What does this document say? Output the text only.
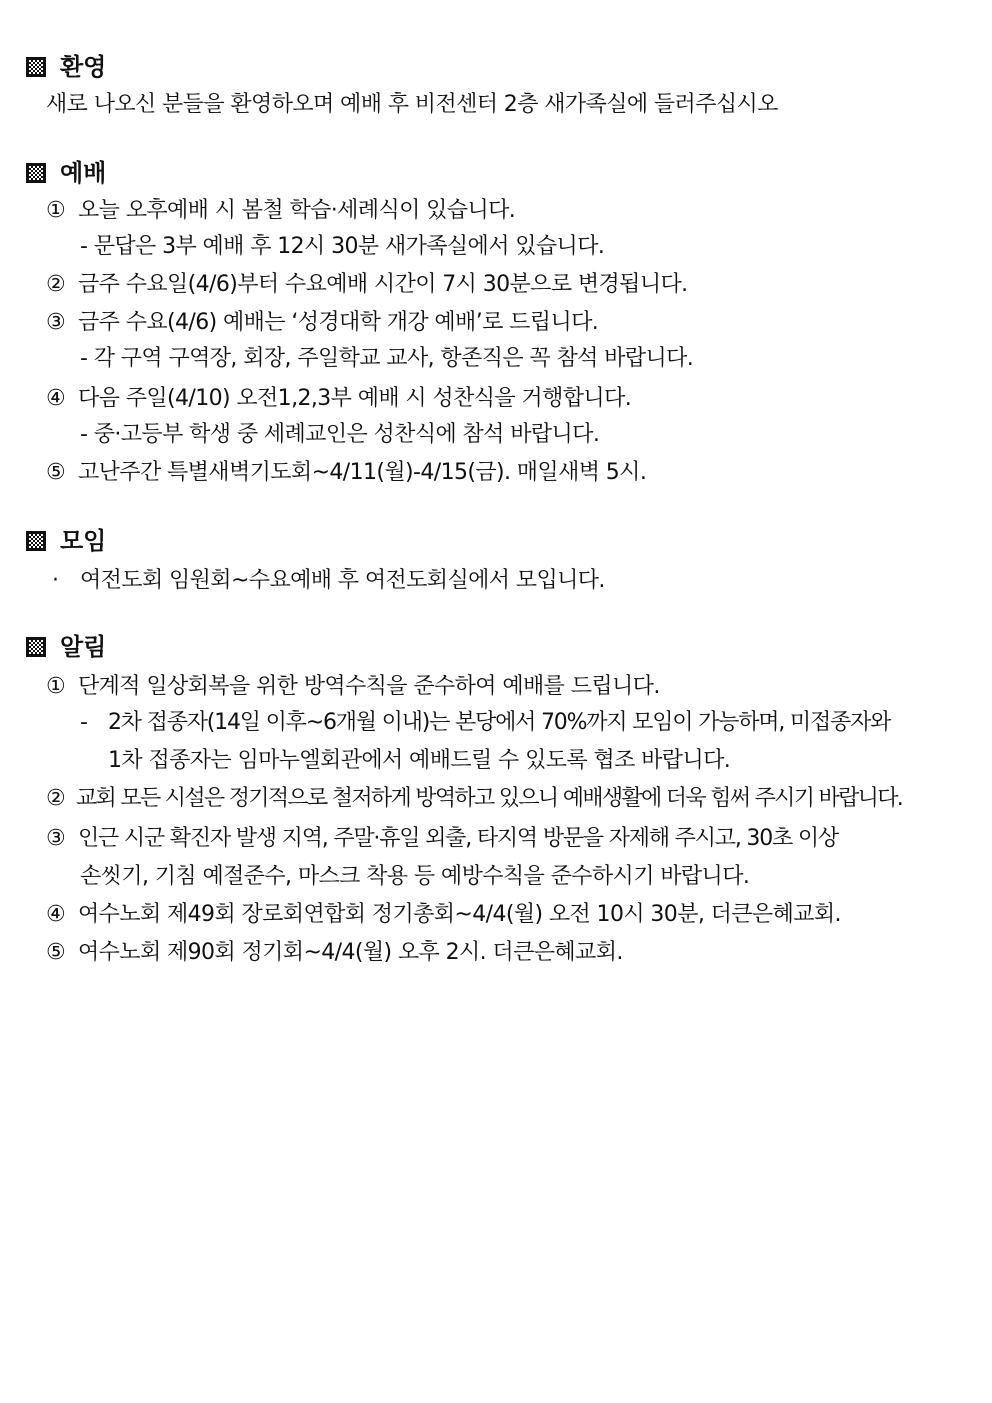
환영
새로 나오신 분들을 환영하오며 예배 후 비전센터 2층 새가족실에 들러주십시오
예배
① 오늘 오후예배 시 봄철 학습·세례식이 있습니다.
- 문답은 3부 예배 후 12시 30분 새가족실에서 있습니다.
② 금주 수요일(4/6)부터 수요예배 시간이 7시 30분으로 변경됩니다.
③ 금주 수요(4/6) 예배는 ‘성경대학 개강 예배’로 드립니다.
- 각 구역 구역장, 회장, 주일학교 교사, 항존직은 꼭 참석 바랍니다.
④ 다음 주일(4/10) 오전1,2,3부 예배 시 성찬식을 거행합니다.
- 중·고등부 학생 중 세례교인은 성찬식에 참석 바랍니다.
⑤ 고난주간 특별새벽기도회~4/11(월)-4/15(금). 매일새벽 5시.
모임
· 여전도회 임원회~수요예배 후 여전도회실에서 모입니다.
알림
① 단계적 일상회복을 위한 방역수칙을 준수하여 예배를 드립니다.
- 2차 접종자(14일 이후~6개월 이내)는 본당에서 70%까지 모임이 가능하며, 미접종자와
1차 접종자는 임마누엘회관에서 예배드릴 수 있도록 협조 바랍니다.
② 교회 모든 시설은 정기적으로 철저하게 방역하고 있으니 예배생활에 더욱 힘써 주시기 바랍니다.
③ 인근 시군 확진자 발생 지역, 주말·휴일 외출, 타지역 방문을 자제해 주시고, 30초 이상
손씻기, 기침 예절준수, 마스크 착용 등 예방수칙을 준수하시기 바랍니다.
④ 여수노회 제49회 장로회연합회 정기총회~4/4(월) 오전 10시 30분, 더큰은혜교회.
⑤ 여수노회 제90회 정기회~4/4(월) 오후 2시. 더큰은혜교회.
